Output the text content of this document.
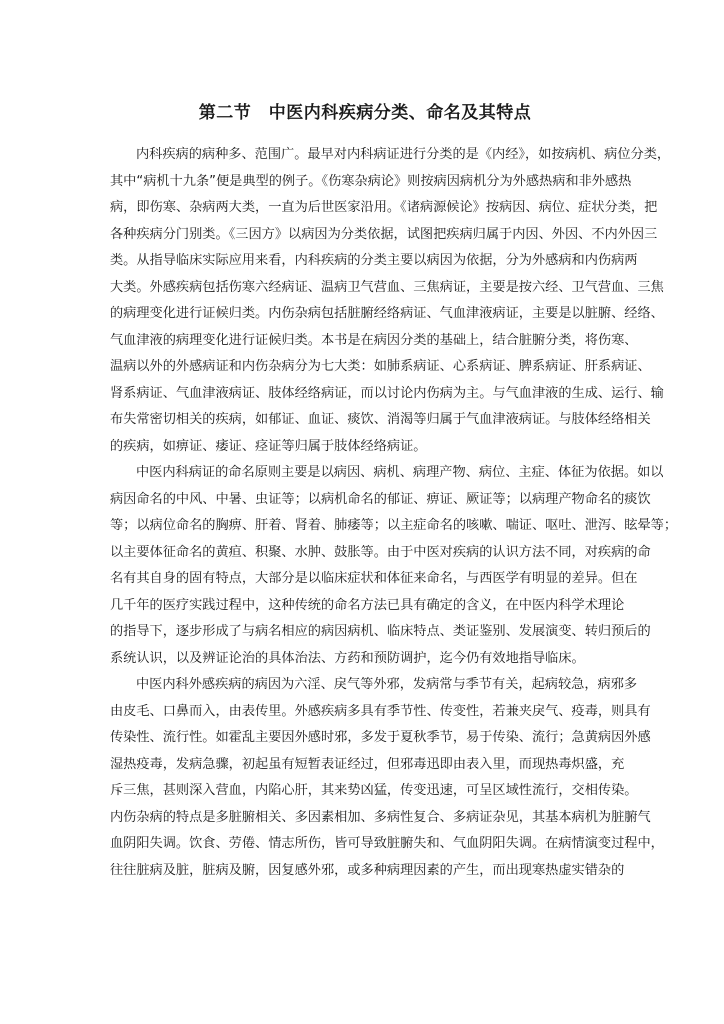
第二节　中医内科疾病分类、命名及其特点

内科疾病的病种多、范围广。最早对内科病证进行分类的是《内经》，如按病机、病位分类，
其中“病机十九条”便是典型的例子。《伤寒杂病论》则按病因病机分为外感热病和非外感热
病，即伤寒、杂病两大类，一直为后世医家沿用。《诸病源候论》按病因、病位、症状分类，把
各种疾病分门别类。《三因方》以病因为分类依据，试图把疾病归属于内因、外因、不内外因三
类。从指导临床实际应用来看，内科疾病的分类主要以病因为依据，分为外感病和内伤病两
大类。外感疾病包括伤寒六经病证、温病卫气营血、三焦病证，主要是按六经、卫气营血、三焦
的病理变化进行证候归类。内伤杂病包括脏腑经络病证、气血津液病证，主要是以脏腑、经络、
气血津液的病理变化进行证候归类。本书是在病因分类的基础上，结合脏腑分类，将伤寒、
温病以外的外感病证和内伤杂病分为七大类：如肺系病证、心系病证、脾系病证、肝系病证、
肾系病证、气血津液病证、肢体经络病证，而以讨论内伤病为主。与气血津液的生成、运行、输
布失常密切相关的疾病，如郁证、血证、痰饮、消渴等归属于气血津液病证。与肢体经络相关
的疾病，如痹证、痿证、痉证等归属于肢体经络病证。

中医内科病证的命名原则主要是以病因、病机、病理产物、病位、主症、体征为依据。如以
病因命名的中风、中暑、虫证等；以病机命名的郁证、痹证、厥证等；以病理产物命名的痰饮
等；以病位命名的胸痹、肝着、肾着、肺痿等；以主症命名的咳嗽、喘证、呕吐、泄泻、眩晕等；
以主要体征命名的黄疸、积聚、水肿、鼓胀等。由于中医对疾病的认识方法不同，对疾病的命
名有其自身的固有特点，大部分是以临床症状和体征来命名，与西医学有明显的差异。但在
几千年的医疗实践过程中，这种传统的命名方法已具有确定的含义，在中医内科学术理论
的指导下，逐步形成了与病名相应的病因病机、临床特点、类证鉴别、发展演变、转归预后的
系统认识，以及辨证论治的具体治法、方药和预防调护，迄今仍有效地指导临床。

中医内科外感疾病的病因为六淫、戾气等外邪，发病常与季节有关，起病较急，病邪多
由皮毛、口鼻而入，由表传里。外感疾病多具有季节性、传变性，若兼夹戾气、疫毒，则具有
传染性、流行性。如霍乱主要因外感时邪，多发于夏秋季节，易于传染、流行；急黄病因外感
湿热疫毒，发病急骤，初起虽有短暂表证经过，但邪毒迅即由表入里，而现热毒炽盛，充
斥三焦，甚则深入营血，内陷心肝，其来势凶猛，传变迅速，可呈区域性流行，交相传染。
内伤杂病的特点是多脏腑相关、多因素相加、多病性复合、多病证杂见，其基本病机为脏腑气
血阴阳失调。饮食、劳倦、情志所伤，皆可导致脏腑失和、气血阴阳失调。在病情演变过程中，
往往脏病及脏，脏病及腑，因复感外邪，或多种病理因素的产生，而出现寒热虚实错杂的
